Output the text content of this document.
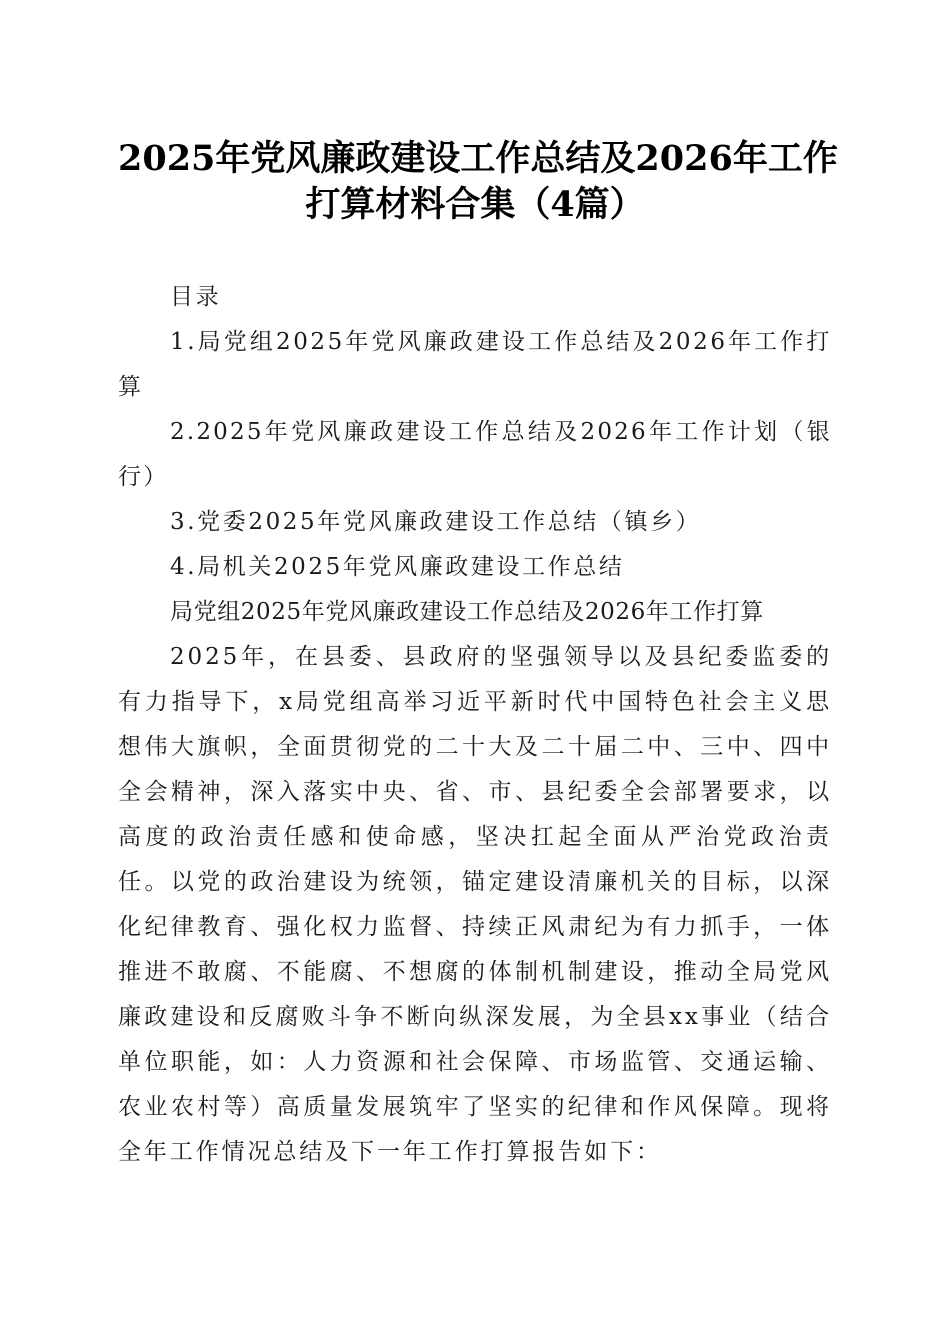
2025年党风廉政建设工作总结及2026年工作
打算材料合集（4篇）

目录

1.局党组2025年党风廉政建设工作总结及2026年工作打算

2.2025年党风廉政建设工作总结及2026年工作计划（银行）

3.党委2025年党风廉政建设工作总结（镇乡）

4.局机关2025年党风廉政建设工作总结

局党组2025年党风廉政建设工作总结及2026年工作打算

2025年，在县委、县政府的坚强领导以及县纪委监委的有力指导下，x局党组高举习近平新时代中国特色社会主义思想伟大旗帜，全面贯彻党的二十大及二十届二中、三中、四中全会精神，深入落实中央、省、市、县纪委全会部署要求，以高度的政治责任感和使命感，坚决扛起全面从严治党政治责任。以党的政治建设为统领，锚定建设清廉机关的目标，以深化纪律教育、强化权力监督、持续正风肃纪为有力抓手，一体推进不敢腐、不能腐、不想腐的体制机制建设，推动全局党风廉政建设和反腐败斗争不断向纵深发展，为全县xx事业（结合单位职能，如：人力资源和社会保障、市场监管、交通运输、农业农村等）高质量发展筑牢了坚实的纪律和作风保障。现将全年工作情况总结及下一年工作打算报告如下：
